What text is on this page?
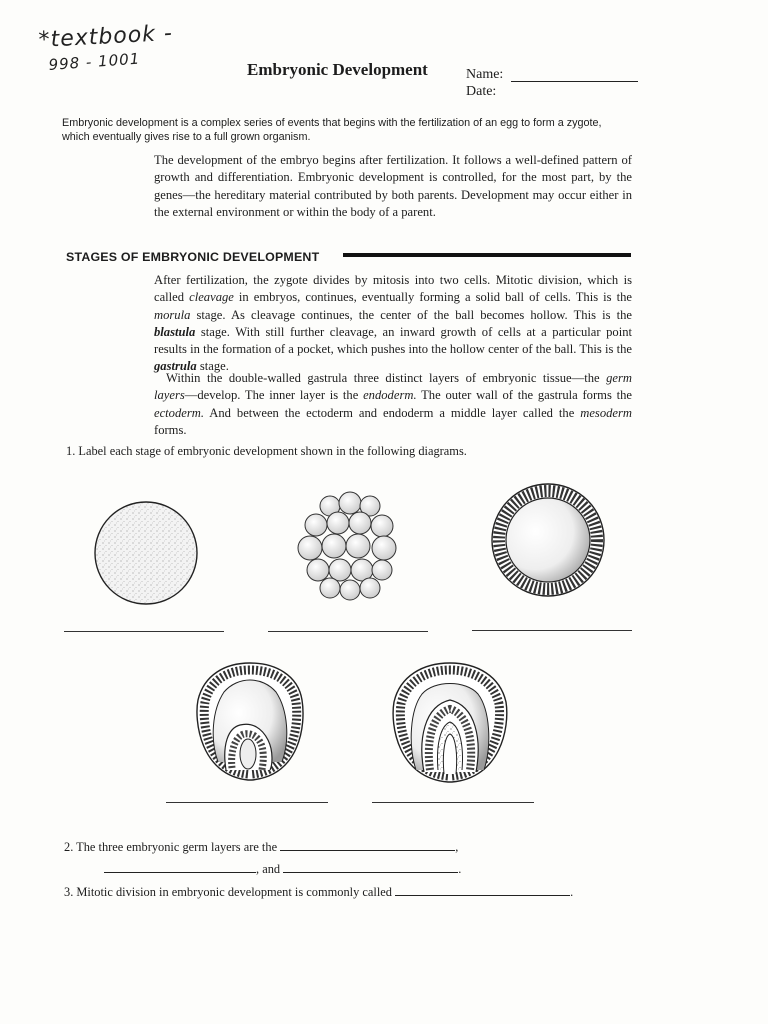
*textbook -
998 - 1001	Embryonic Development	Name:
Date:
Embryonic development is a complex series of events that begins with the fertilization of an egg to form a zygote, which eventually gives rise to a full grown organism.
The development of the embryo begins after fertilization. It follows a well-defined pattern of growth and differentiation. Embryonic development is controlled, for the most part, by the genes—the hereditary material contributed by both parents. Development may occur either in the external environment or within the body of a parent.
STAGES OF EMBRYONIC DEVELOPMENT
After fertilization, the zygote divides by mitosis into two cells. Mitotic division, which is called cleavage in embryos, continues, eventually forming a solid ball of cells. This is the morula stage. As cleavage continues, the center of the ball becomes hollow. This is the blastula stage. With still further cleavage, an inward growth of cells at a particular point results in the formation of a pocket, which pushes into the hollow center of the ball. This is the gastrula stage.
Within the double-walled gastrula three distinct layers of embryonic tissue—the germ layers—develop. The inner layer is the endoderm. The outer wall of the gastrula forms the ectoderm. And between the ectoderm and endoderm a middle layer called the mesoderm forms.
1. Label each stage of embryonic development shown in the following diagrams.
2. The three embryonic germ layers are the	,
, and	.
3. Mitotic division in embryonic development is commonly called	.
